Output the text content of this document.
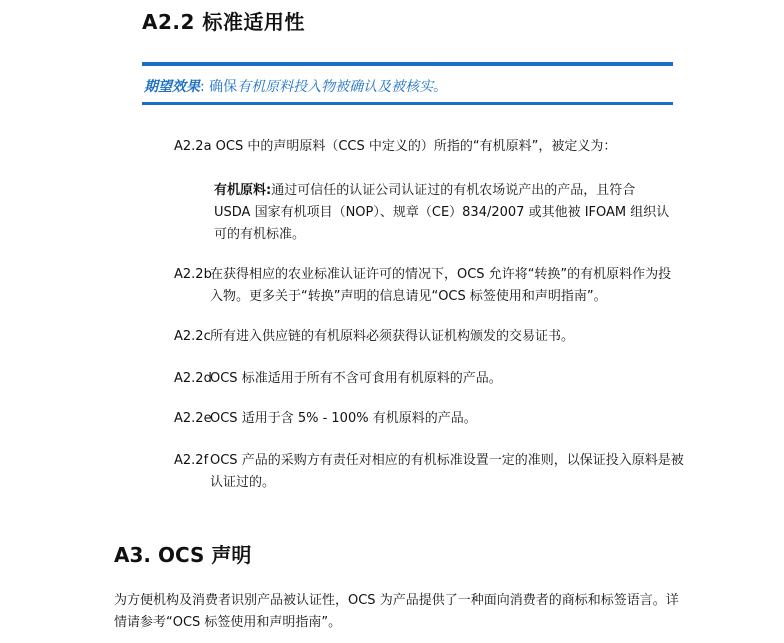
A2.2 标准适用性
期望效果: 确保有机原料投入物被确认及被核实。
A2.2a OCS 中的声明原料（CCS 中定义的）所指的“有机原料”，被定义为：
有机原料:通过可信任的认证公司认证过的有机农场说产出的产品，且符合 USDA 国家有机项目（NOP）、规章（CE）834/2007 或其他被 IFOAM 组织认可的有机标准。
A2.2b
在获得相应的农业标准认证许可的情况下，OCS 允许将“转换”的有机原料作为投入物。更多关于“转换”声明的信息请见“OCS 标签使用和声明指南”。
A2.2c 所有进入供应链的有机原料必须获得认证机构颁发的交易证书。
A2.2d
OCS 标准适用于所有不含可食用有机原料的产品。
A2.2e
OCS 适用于含 5% - 100% 有机原料的产品。
A2.2f OCS 产品的采购方有责任对相应的有机标准设置一定的准则，以保证投入原料是被认证过的。
A3. OCS 声明
为方便机构及消费者识别产品被认证性，OCS 为产品提供了一种面向消费者的商标和标签语言。详情请参考“OCS 标签使用和声明指南”。
